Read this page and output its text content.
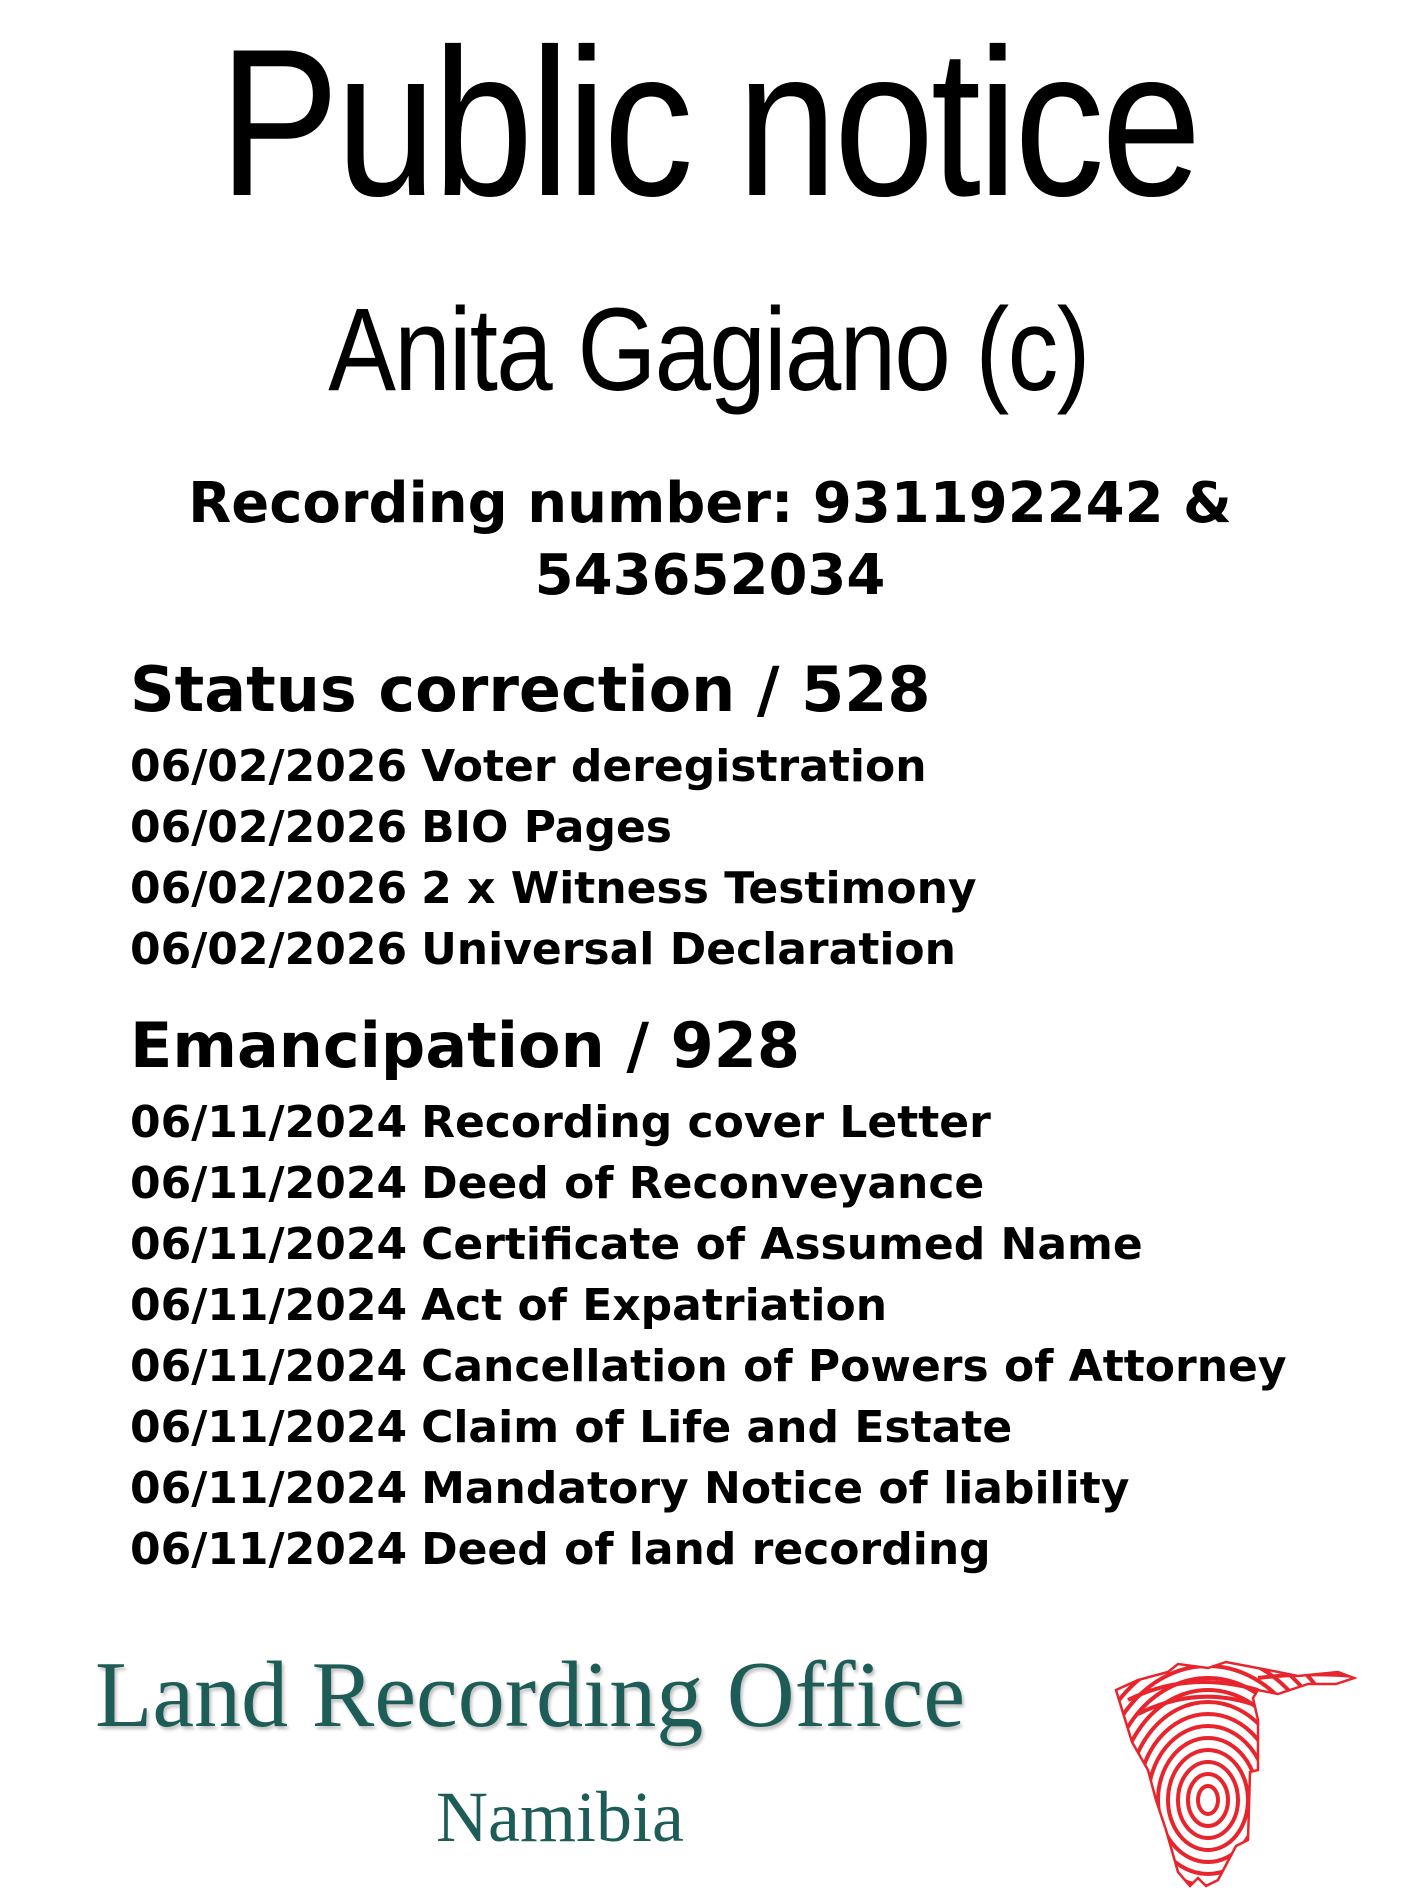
Public notice
Anita Gagiano (c)
Recording number: 931192242 &
543652034
Status correction / 528
06/02/2026 Voter deregistration
06/02/2026 BIO Pages
06/02/2026 2 x Witness Testimony
06/02/2026 Universal Declaration
Emancipation / 928
06/11/2024 Recording cover Letter
06/11/2024 Deed of Reconveyance
06/11/2024 Certificate of Assumed Name
06/11/2024 Act of Expatriation
06/11/2024 Cancellation of Powers of Attorney
06/11/2024 Claim of Life and Estate
06/11/2024 Mandatory Notice of liability
06/11/2024 Deed of land recording
Land Recording Office
Namibia
